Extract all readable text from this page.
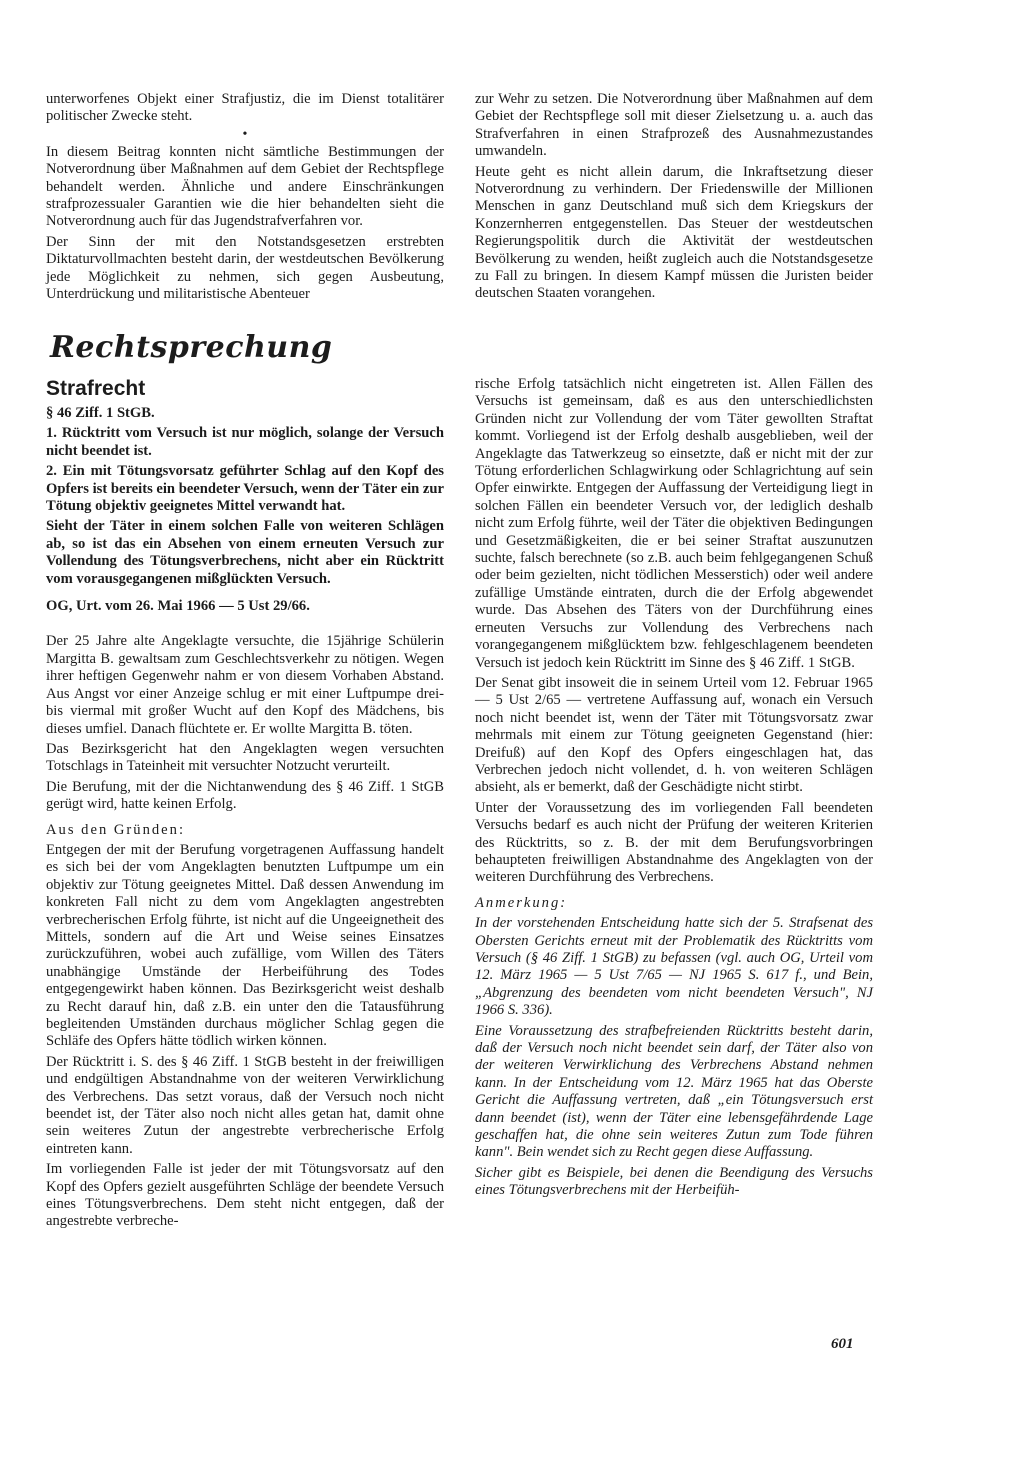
unterworfenes Objekt einer Strafjustiz, die im Dienst totalitärer politischer Zwecke steht.

•

In diesem Beitrag konnten nicht sämtliche Bestimmungen der Notverordnung über Maßnahmen auf dem Gebiet der Rechtspflege behandelt werden. Ähnliche und andere Einschränkungen strafprozessualer Garantien wie die hier behandelten sieht die Notverordnung auch für das Jugendstrafverfahren vor.

Der Sinn der mit den Notstandsgesetzen erstrebten Diktaturvollmachten besteht darin, der westdeutschen Bevölkerung jede Möglichkeit zu nehmen, sich gegen Ausbeutung, Unterdrückung und militaristische Abenteuer

zur Wehr zu setzen. Die Notverordnung über Maßnahmen auf dem Gebiet der Rechtspflege soll mit dieser Zielsetzung u. a. auch das Strafverfahren in einen Strafprozeß des Ausnahmezustandes umwandeln.

Heute geht es nicht allein darum, die Inkraftsetzung dieser Notverordnung zu verhindern. Der Friedenswille der Millionen Menschen in ganz Deutschland muß sich dem Kriegskurs der Konzernherren entgegenstellen. Das Steuer der westdeutschen Regierungspolitik durch die Aktivität der westdeutschen Bevölkerung zu wenden, heißt zugleich auch die Notstandsgesetze zu Fall zu bringen. In diesem Kampf müssen die Juristen beider deutschen Staaten vorangehen.

Rechtsprechung

Strafrecht

§ 46 Ziff. 1 StGB.

1. Rücktritt vom Versuch ist nur möglich, solange der Versuch nicht beendet ist.

2. Ein mit Tötungsvorsatz geführter Schlag auf den Kopf des Opfers ist bereits ein beendeter Versuch, wenn der Täter ein zur Tötung objektiv geeignetes Mittel verwandt hat.

Sieht der Täter in einem solchen Falle von weiteren Schlägen ab, so ist das ein Absehen von einem erneuten Versuch zur Vollendung des Tötungsverbrechens, nicht aber ein Rücktritt vom vorausgegangenen mißglückten Versuch.

OG, Urt. vom 26. Mai 1966 — 5 Ust 29/66.

Der 25 Jahre alte Angeklagte versuchte, die 15jährige Schülerin Margitta B. gewaltsam zum Geschlechtsverkehr zu nötigen. Wegen ihrer heftigen Gegenwehr nahm er von diesem Vorhaben Abstand. Aus Angst vor einer Anzeige schlug er mit einer Luftpumpe drei- bis viermal mit großer Wucht auf den Kopf des Mädchens, bis dieses umfiel. Danach flüchtete er. Er wollte Margitta B. töten.

Das Bezirksgericht hat den Angeklagten wegen versuchten Totschlags in Tateinheit mit versuchter Notzucht verurteilt.

Die Berufung, mit der die Nichtanwendung des § 46 Ziff. 1 StGB gerügt wird, hatte keinen Erfolg.

Aus den Gründen:

Entgegen der mit der Berufung vorgetragenen Auffassung handelt es sich bei der vom Angeklagten benutzten Luftpumpe um ein objektiv zur Tötung geeignetes Mittel. Daß dessen Anwendung im konkreten Fall nicht zu dem vom Angeklagten angestrebten verbrecherischen Erfolg führte, ist nicht auf die Ungeeignetheit des Mittels, sondern auf die Art und Weise seines Einsatzes zurückzuführen, wobei auch zufällige, vom Willen des Täters unabhängige Umstände der Herbeiführung des Todes entgegengewirkt haben können. Das Bezirksgericht weist deshalb zu Recht darauf hin, daß z.B. ein unter den die Tatausführung begleitenden Umständen durchaus möglicher Schlag gegen die Schläfe des Opfers hätte tödlich wirken können.

Der Rücktritt i. S. des § 46 Ziff. 1 StGB besteht in der freiwilligen und endgültigen Abstandnahme von der weiteren Verwirklichung des Verbrechens. Das setzt voraus, daß der Versuch noch nicht beendet ist, der Täter also noch nicht alles getan hat, damit ohne sein weiteres Zutun der angestrebte verbrecherische Erfolg eintreten kann.

Im vorliegenden Falle ist jeder der mit Tötungsvorsatz auf den Kopf des Opfers gezielt ausgeführten Schläge der beendete Versuch eines Tötungsverbrechens. Dem steht nicht entgegen, daß der angestrebte verbreche-

rische Erfolg tatsächlich nicht eingetreten ist. Allen Fällen des Versuchs ist gemeinsam, daß es aus den unterschiedlichsten Gründen nicht zur Vollendung der vom Täter gewollten Straftat kommt. Vorliegend ist der Erfolg deshalb ausgeblieben, weil der Angeklagte das Tatwerkzeug so einsetzte, daß er nicht mit der zur Tötung erforderlichen Schlagwirkung oder Schlagrichtung auf sein Opfer einwirkte. Entgegen der Auffassung der Verteidigung liegt in solchen Fällen ein beendeter Versuch vor, der lediglich deshalb nicht zum Erfolg führte, weil der Täter die objektiven Bedingungen und Gesetzmäßigkeiten, die er bei seiner Straftat auszunutzen suchte, falsch berechnete (so z.B. auch beim fehlgegangenen Schuß oder beim gezielten, nicht tödlichen Messerstich) oder weil andere zufällige Umstände eintraten, durch die der Erfolg abgewendet wurde. Das Absehen des Täters von der Durchführung eines erneuten Versuchs zur Vollendung des Verbrechens nach vorangegangenem mißglücktem bzw. fehlgeschlagenem beendeten Versuch ist jedoch kein Rücktritt im Sinne des § 46 Ziff. 1 StGB.

Der Senat gibt insoweit die in seinem Urteil vom 12. Februar 1965 — 5 Ust 2/65 — vertretene Auffassung auf, wonach ein Versuch noch nicht beendet ist, wenn der Täter mit Tötungsvorsatz zwar mehrmals mit einem zur Tötung geeigneten Gegenstand (hier: Dreifuß) auf den Kopf des Opfers eingeschlagen hat, das Verbrechen jedoch nicht vollendet, d. h. von weiteren Schlägen absieht, als er bemerkt, daß der Geschädigte nicht stirbt.

Unter der Voraussetzung des im vorliegenden Fall beendeten Versuchs bedarf es auch nicht der Prüfung der weiteren Kriterien des Rücktritts, so z. B. der mit dem Berufungsvorbringen behaupteten freiwilligen Abstandnahme des Angeklagten von der weiteren Durchführung des Verbrechens.

Anmerkung:

In der vorstehenden Entscheidung hatte sich der 5. Strafsenat des Obersten Gerichts erneut mit der Problematik des Rücktritts vom Versuch (§ 46 Ziff. 1 StGB) zu befassen (vgl. auch OG, Urteil vom 12. März 1965 — 5 Ust 7/65 — NJ 1965 S. 617 f., und Bein, „Abgrenzung des beendeten vom nicht beendeten Versuch", NJ 1966 S. 336).

Eine Voraussetzung des strafbefreienden Rücktritts besteht darin, daß der Versuch noch nicht beendet sein darf, der Täter also von der weiteren Verwirklichung des Verbrechens Abstand nehmen kann. In der Entscheidung vom 12. März 1965 hat das Oberste Gericht die Auffassung vertreten, daß „ein Tötungsversuch erst dann beendet (ist), wenn der Täter eine lebensgefährdende Lage geschaffen hat, die ohne sein weiteres Zutun zum Tode führen kann". Bein wendet sich zu Recht gegen diese Auffassung.

Sicher gibt es Beispiele, bei denen die Beendigung des Versuchs eines Tötungsverbrechens mit der Herbeifüh-

601
